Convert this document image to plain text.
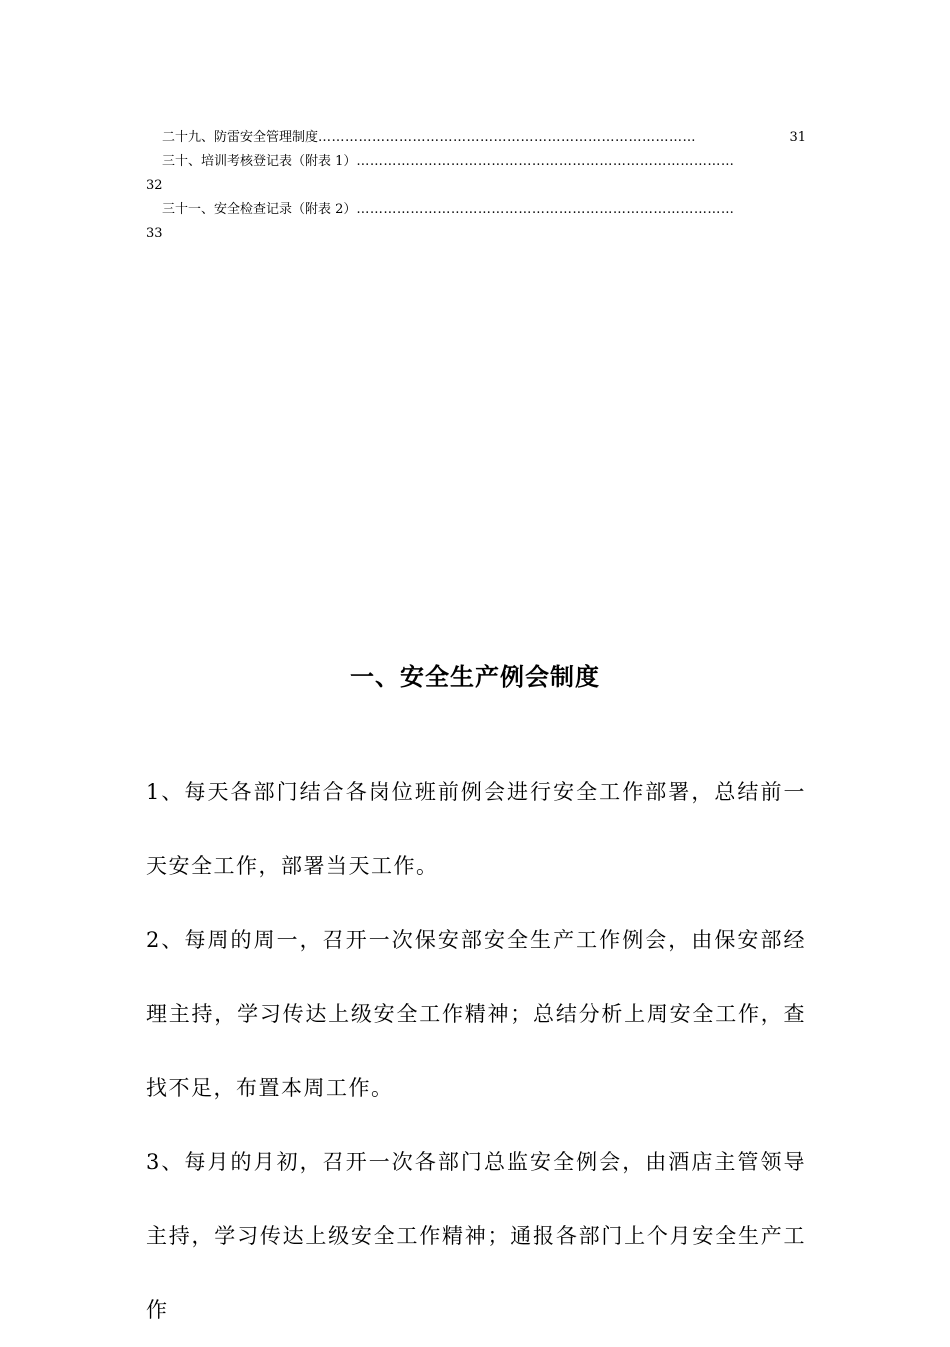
二十九、防雷安全管理制度…………………………………………………………………………	31
三十、培训考核登记表（附表 1）…………………………………………………………………………
32
三十一、安全检查记录（附表 2）…………………………………………………………………………
33
一、安全生产例会制度

1、每天各部门结合各岗位班前例会进行安全工作部署，总结前一天安全工作，部署当天工作。

2、每周的周一，召开一次保安部安全生产工作例会，由保安部经理主持，学习传达上级安全工作精神；总结分析上周安全工作，查找不足，布置本周工作。

3、每月的月初，召开一次各部门总监安全例会，由酒店主管领导主持，学习传达上级安全工作精神；通报各部门上个月安全生产工作
